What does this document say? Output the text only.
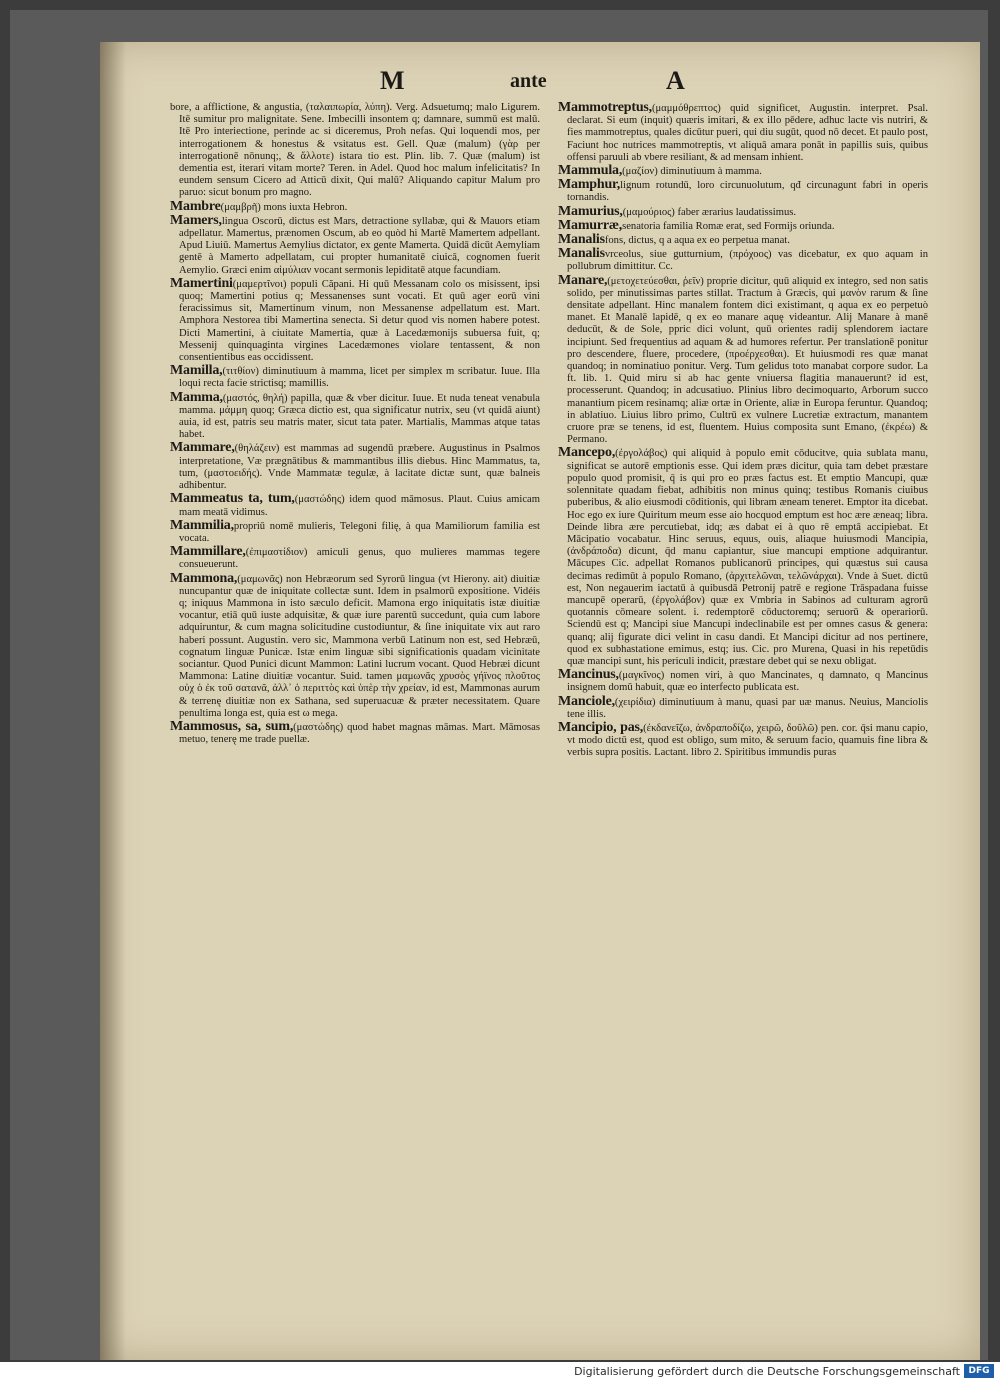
M	ante	A

bore, a afflictione, & angustia, (ταλαιπωρία, λύπη). Verg. Adsuetumq; malo Ligurem. Itē sumitur pro malignitate. Sene. Imbecilli insontem q; damnare, summū est malū. Itē Pro interiectione, perinde ac si diceremus, Proh nefas. Qui loquendi mos, per interrogationem & honestus & vsitatus est. Gell. Quæ (malum) (γὰρ per interrogationē nōnunq;, & ἄλλοτε) istara tio est. Plin. lib. 7. Quæ (malum) ist dementia est, iterari vitam morte? Teren. in Adel. Quod hoc malum infelicitatis? In eundem sensum Cicero ad Atticū dixit, Qui malū? Aliquando capitur Malum pro paruo: sicut bonum pro magno.

Mambre(μαμβρῆ) mons iuxta Hebron.

Mamers,lingua Oscorū, dictus est Mars, detractione syllabæ, qui & Mauors etiam adpellatur. Mamertus, prænomen Oscum, ab eo quòd hi Martē Mamertem adpellant. Apud Liuiū. Mamertus Aemylius dictator, ex gente Mamerta. Quidā dicūt Aemyliam gentē à Mamerto adpellatam, cui propter humanitatē ciuicā, cognomen fuerit Aemylio. Græci enim αἱμύλιαν vocant sermonis lepiditatē atque facundiam.

Mamertini(μαμερτῖνοι) populi Căpani. Hi quū Messanam colo os misissent, ipsi quoq; Mamertini potius q; Messanenses sunt vocati. Et quū ager eorū vini feracissimus sit, Mamertinum vinum, non Messanense adpellatum est. Mart. Amphora Nestorea tibi Mamertina senecta. Si detur quod vis nomen habere potest. Dicti Mamertini, à ciuitate Mamertia, quæ à Lacedæmonijs subuersa fuit, q; Messenij quinquaginta virgines Lacedæmones violare tentassent, & non consentientibus eas occidissent.

Mamilla,(τιτθίον) diminutiuum à mamma, licet per simplex m scribatur. Iuue. Illa loqui recta facie strictisq; mamillis.

Mamma,(μαστός, θηλή) papilla, quæ & vber dicitur. Iuue. Et nuda teneat venabula mamma. μάμμη quoq; Græca dictio est, qua significatur nutrix, seu (vt quidā aiunt) auia, id est, patris seu matris mater, sicut tata pater. Martialis, Mammas atque tatas habet.

Mammare,(θηλάζειν) est mammas ad sugendū præbere. Augustinus in Psalmos interpretatione, Væ prægnātibus & mammantibus illis diebus. Hinc Mammatus, ta, tum, (μαστοειδής). Vnde Mammatæ tegulæ, à lacitate dictæ sunt, quæ balneis adhibentur.

Mammeatus ta, tum,(μαστώδης) idem quod māmosus. Plaut. Cuius amicam mam meatā vidimus.

Mammilia,propriū nomē mulieris, Telegoni filię, à qua Mamiliorum familia est vocata.

Mammillare,(ἐπιμαστίδιον) amiculi genus, quo mulieres mammas tegere consueuerunt.

Mammona,(μαμωνᾶς) non Hebræorum sed Syrorū lingua (vt Hierony. ait) diuitiæ nuncupantur quæ de iniquitate collectæ sunt. Idem in psalmorū expositione. Vidéis q; iniquus Mammona in isto sæculo deficit. Mamona ergo iniquitatis istæ diuitiæ vocantur, etiā quū iuste adquisitæ, & quæ iure parentū succedunt, quia cum labore adquiruntur, & cum magna solicitudine custodiuntur, & ſine iniquitate vix aut raro haberi possunt. Augustin. vero sic, Mammona verbū Latinum non est, sed Hebræū, cognatum linguæ Punicæ. Istæ enim linguæ sibi significationis quadam vicinitate sociantur. Quod Punici dicunt Mammon: Latini lucrum vocant. Quod Hebræi dicunt Mammona: Latine diuitiæ vocantur. Suid. tamen μαμωνᾶς χρυσὸς γήϊνος πλοῦτος οὐχ ὁ ἐκ τοῦ σατανᾶ, ἀλλ᾽ ὁ περιττὸς καὶ ὑπὲρ τὴν χρείαν, id est, Mammonas aurum & terrenę diuitiæ non ex Sathana, sed superuacuæ & præter necessitatem. Quare penultima longa est, quia est ω mega.

Mammosus, sa, sum,(μαστώδης) quod habet magnas māmas. Mart. Māmosas metuo, tenerę me trade puellæ.

Mammotreptus,(μαμμόθρεπτος) quid significet, Augustin. interpret. Psal. declarat. Si eum (inquit) quæris imitari, & ex illo pēdere, adhuc lacte vis nutriri, & fies mammotreptus, quales dicūtur pueri, qui diu sugūt, quod nō decet. Et paulo post, Faciunt hoc nutrices mammotreptis, vt aliquā amara ponāt in papillis suis, quibus offensi paruuli ab vbere resiliant, & ad mensam inhient.

Mammula,(μαζίον) diminutiuum à mamma.

Mamphur,lignum rotundū, loro circunuolutum, qđ circunagunt fabri in operis tornandis.

Mamurius,(μαμούριος) faber ærarius laudatissimus.

Mamurræ,senatoria familia Romæ erat, sed Formijs oriunda.

Manalisfons, dictus, q a aqua ex eo perpetua manat.

Manalisvrceolus, siue gutturnium, (πρόχοος) vas dicebatur, ex quo aquam in pollubrum dimittitur. Cc.

Manare,(μετοχετεύεσθαι, ῥεῖν) proprie dicitur, quū aliquid ex integro, sed non satis solido, per minutissimas partes stillat. Tractum à Græcis, qui μανὸν rarum & ſine densitate adpellant. Hinc manalem fontem dici existimant, q aqua ex eo perpetuò manet. Et Manalē lapidē, q ex eo manare aquę videantur. Alij Manare à manē deducūt, & de Sole, ppric dici volunt, quū orientes radij splendorem iactare incipiunt. Sed frequentius ad aquam & ad humores refertur. Per translationē ponitur pro descendere, fluere, procedere, (προέρχεσθαι). Et huiusmodi res quæ manat quandoq; in nominatiuo ponitur. Verg. Tum gelidus toto manabat corpore sudor. La ft. lib. 1. Quid miru si ab hac gente vniuersa flagitia manauerunt? id est, processerunt. Quandoq; in adcusatiuo. Plinius libro decimoquarto, Arborum succo manantium picem resinamq; aliæ ortæ in Oriente, aliæ in Europa feruntur. Quandoq; in ablatiuo. Liuius libro primo, Cultrū ex vulnere Lucretiæ extractum, manantem cruore præ se tenens, id est, fluentem. Huius composita sunt Emano, (ἐκρέω) & Permano.

Mancepo,(ἐργολάβος) qui aliquid à populo emit cōducitve, quia sublata manu, significat se autorē emptionis esse. Qui idem præs dicitur, quia tam debet præstare populo quod promisit, q̄ is qui pro eo præs factus est. Et emptio Mancupi, quæ solennitate quadam fiebat, adhibitis non minus quinq; testibus Romanis ciuibus puberibus, & alio eiusmodi cōditionis, qui libram æneam teneret. Emptor ita dicebat. Hoc ego ex iure Quiritum meum esse aio hocquod emptum est hoc ære æneaq; libra. Deinde libra ære percutiebat, idq; æs dabat ei à quo rē emptā accipiebat. Et Mācipatio vocabatur. Hinc seruus, equus, ouis, aliaque huiusmodi Mancipia, (ἀνδράποδα) dicunt, q̄d manu capiantur, siue mancupi emptione adquirantur. Mācupes Cic. adpellat Romanos publicanorū principes, qui quæstus sui causa decimas redimūt à populo Romano, (ἀρχιτελῶναι, τελῶνάρχαι). Vnde à Suet. dictū est, Non negauerim iactatū à quibusdā Petronij patrē e regione Trāspadana fuisse mancupē operarū, (ἐργολάβον) quæ ex Vmbria in Sabinos ad culturam agrorū quotannis cōmeare solent. i. redemptorē cōductoremq; seruorū & operariorū. Sciendū est q; Mancipi siue Mancupi indeclinabile est per omnes casus & genera: quanq; alij figurate dici velint in casu dandi. Et Mancipi dicitur ad nos pertinere, quod ex subhastatione emimus, estq; ius. Cic. pro Murena, Quasi in his repetūdis quæ mancipi sunt, his periculi indicit, præstare debet qui se nexu obligat.

Mancinus,(μαγκῖνος) nomen viri, à quo Mancinates, q damnato, q Mancinus insignem domū habuit, quæ eo interfecto publicata est.

Manciole,(χειρίδια) diminutiuum à manu, quasi par uæ manus. Neuius, Manciolis tene illis.

Mancipio, pas,(ἐκδανεῖζω, ἀνδραποδίζω, χειρῶ, δοῦλῶ) pen. cor. q̄si manu capio, vt modo dictū est, quod est obligo, sum mito, & seruum facio, quamuis fine libra & verbis supra positis. Lactant. libro 2. Spiritibus immundis puras

Digitalisierung gefördert durch die Deutsche Forschungsgemeinschaft DFG
